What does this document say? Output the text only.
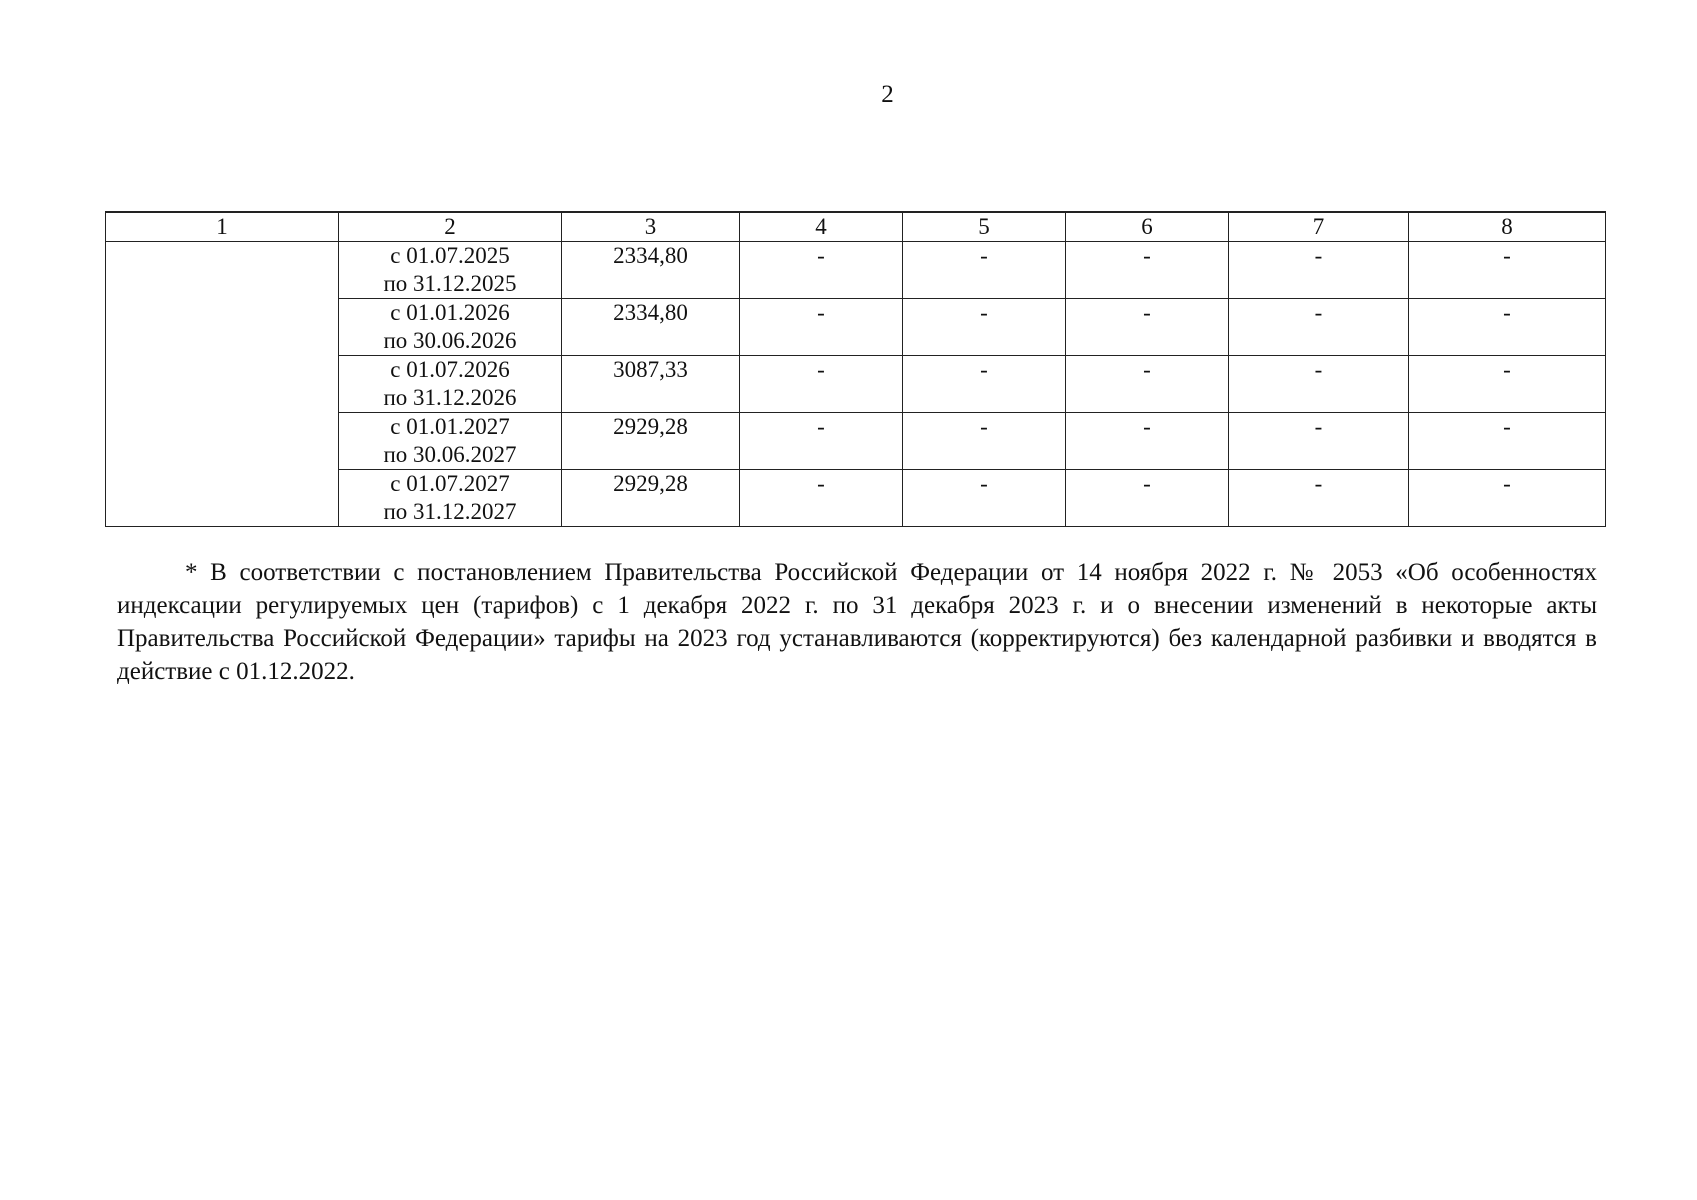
2
1	2	3	4	5	6	7	8

	с 01.07.2025
по 31.12.2025	2334,80	-	-	-	-	-

	с 01.01.2026
по 30.06.2026	2334,80	-	-	-	-	-

	с 01.07.2026
по 31.12.2026	3087,33	-	-	-	-	-

	с 01.01.2027
по 30.06.2027	2929,28	-	-	-	-	-

	с 01.07.2027
по 31.12.2027	2929,28	-	-	-	-	-

* В соответствии с постановлением Правительства Российской Федерации от 14 ноября 2022 г. № 2053 «Об особенностях индексации регулируемых цен (тарифов) с 1 декабря 2022 г. по 31 декабря 2023 г. и о внесении изменений в некоторые акты Правительства Российской Федерации» тарифы на 2023 год устанавливаются (корректируются) без календарной разбивки и вводятся в действие с 01.12.2022.
